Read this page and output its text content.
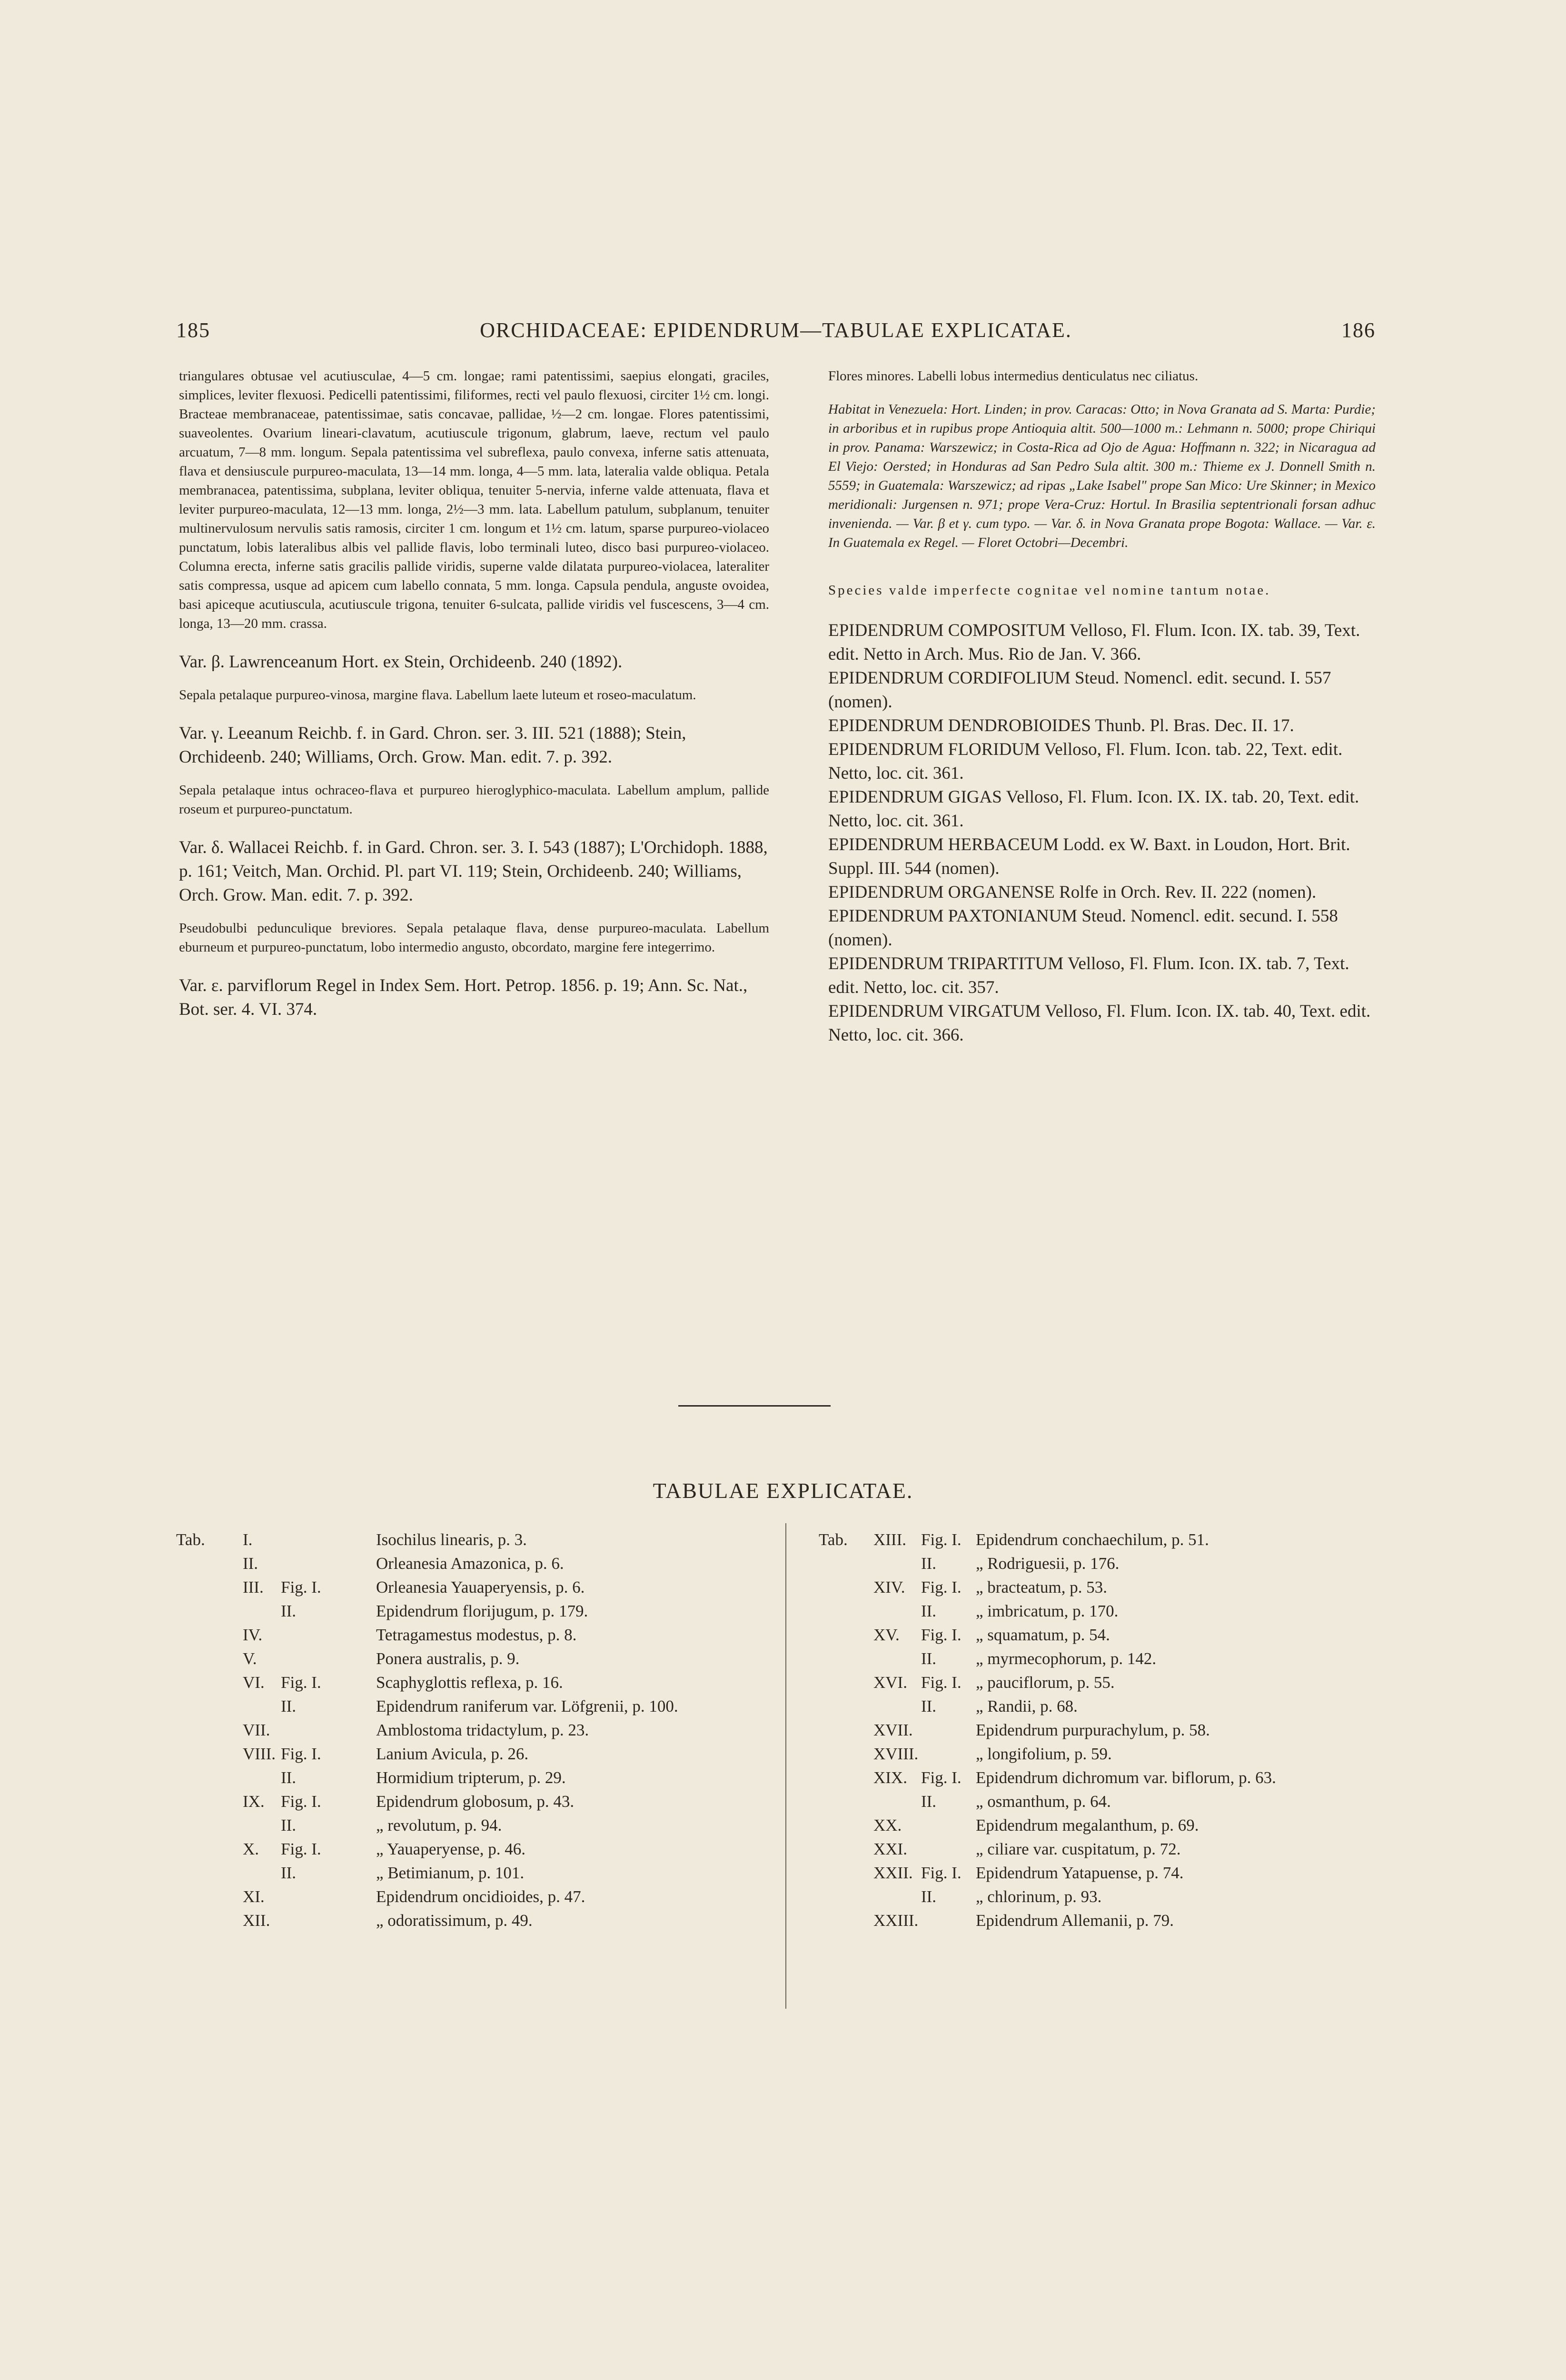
185	ORCHIDACEAE: EPIDENDRUM—TABULAE EXPLICATAE.	186

triangulares obtusae vel acutiusculae, 4—5 cm. longae; rami patentissimi, saepius elongati, graciles, simplices, leviter flexuosi. Pedicelli patentissimi, filiformes, recti vel paulo flexuosi, circiter 1½ cm. longi. Bracteae membranaceae, patentissimae, satis concavae, pallidae, ½—2 cm. longae. Flores patentissimi, suaveolentes. Ovarium lineari-clavatum, acutiuscule trigonum, glabrum, laeve, rectum vel paulo arcuatum, 7—8 mm. longum. Sepala patentissima vel subreflexa, paulo convexa, inferne satis attenuata, flava et densiuscule purpureo-maculata, 13—14 mm. longa, 4—5 mm. lata, lateralia valde obliqua. Petala membranacea, patentissima, subplana, leviter obliqua, tenuiter 5-nervia, inferne valde attenuata, flava et leviter purpureo-maculata, 12—13 mm. longa, 2½—3 mm. lata. Labellum patulum, subplanum, tenuiter multinervulosum nervulis satis ramosis, circiter 1 cm. longum et 1½ cm. latum, sparse purpureo-violaceo punctatum, lobis lateralibus albis vel pallide flavis, lobo terminali luteo, disco basi purpureo-violaceo. Columna erecta, inferne satis gracilis pallide viridis, superne valde dilatata purpureo-violacea, lateraliter satis compressa, usque ad apicem cum labello connata, 5 mm. longa. Capsula pendula, anguste ovoidea, basi apiceque acutiuscula, acutiuscule trigona, tenuiter 6-sulcata, pallide viridis vel fuscescens, 3—4 cm. longa, 13—20 mm. crassa.

Var. β. Lawrenceanum Hort. ex Stein, Orchideenb. 240 (1892).

Sepala petalaque purpureo-vinosa, margine flava. Labellum laete luteum et roseo-maculatum.

Var. γ. Leeanum Reichb. f. in Gard. Chron. ser. 3. III. 521 (1888); Stein, Orchideenb. 240; Williams, Orch. Grow. Man. edit. 7. p. 392.

Sepala petalaque intus ochraceo-flava et purpureo hieroglyphico-maculata. Labellum amplum, pallide roseum et purpureo-punctatum.

Var. δ. Wallacei Reichb. f. in Gard. Chron. ser. 3. I. 543 (1887); L'Orchidoph. 1888, p. 161; Veitch, Man. Orchid. Pl. part VI. 119; Stein, Orchideenb. 240; Williams, Orch. Grow. Man. edit. 7. p. 392.

Pseudobulbi pedunculique breviores. Sepala petalaque flava, dense purpureo-maculata. Labellum eburneum et purpureo-punctatum, lobo intermedio angusto, obcordato, margine fere integerrimo.

Var. ε. parviflorum Regel in Index Sem. Hort. Petrop. 1856. p. 19; Ann. Sc. Nat., Bot. ser. 4. VI. 374.

Flores minores. Labelli lobus intermedius denticulatus nec ciliatus.

Habitat in Venezuela: Hort. Linden; in prov. Caracas: Otto; in Nova Granata ad S. Marta: Purdie; in arboribus et in rupibus prope Antioquia altit. 500—1000 m.: Lehmann n. 5000; prope Chiriqui in prov. Panama: Warszewicz; in Costa-Rica ad Ojo de Agua: Hoffmann n. 322; in Nicaragua ad El Viejo: Oersted; in Honduras ad San Pedro Sula altit. 300 m.: Thieme ex J. Donnell Smith n. 5559; in Guatemala: Warszewicz; ad ripas „Lake Isabel" prope San Mico: Ure Skinner; in Mexico meridionali: Jurgensen n. 971; prope Vera-Cruz: Hortul. In Brasilia septentrionali forsan adhuc invenienda. — Var. β et γ. cum typo. — Var. δ. in Nova Granata prope Bogota: Wallace. — Var. ε. In Guatemala ex Regel. — Floret Octobri—Decembri.

Species valde imperfecte cognitae vel nomine tantum notae.

EPIDENDRUM COMPOSITUM Velloso, Fl. Flum. Icon. IX. tab. 39, Text. edit. Netto in Arch. Mus. Rio de Jan. V. 366.

EPIDENDRUM CORDIFOLIUM Steud. Nomencl. edit. secund. I. 557 (nomen).

EPIDENDRUM DENDROBIOIDES Thunb. Pl. Bras. Dec. II. 17.

EPIDENDRUM FLORIDUM Velloso, Fl. Flum. Icon. tab. 22, Text. edit. Netto, loc. cit. 361.

EPIDENDRUM GIGAS Velloso, Fl. Flum. Icon. IX. IX. tab. 20, Text. edit. Netto, loc. cit. 361.

EPIDENDRUM HERBACEUM Lodd. ex W. Baxt. in Loudon, Hort. Brit. Suppl. III. 544 (nomen).

EPIDENDRUM ORGANENSE Rolfe in Orch. Rev. II. 222 (nomen).

EPIDENDRUM PAXTONIANUM Steud. Nomencl. edit. secund. I. 558 (nomen).

EPIDENDRUM TRIPARTITUM Velloso, Fl. Flum. Icon. IX. tab. 7, Text. edit. Netto, loc. cit. 357.

EPIDENDRUM VIRGATUM Velloso, Fl. Flum. Icon. IX. tab. 40, Text. edit. Netto, loc. cit. 366.

TABULAE EXPLICATAE.
Tab. I.	Isochilus linearis, p. 3.
II.	Orleanesia Amazonica, p. 6.
III. Fig. I.	Orleanesia Yauaperyensis, p. 6.
II.	Epidendrum florijugum, p. 179.
IV.	Tetragamestus modestus, p. 8.
V.	Ponera australis, p. 9.
VI. Fig. I.	Scaphyglottis reflexa, p. 16.
II.	Epidendrum raniferum var. Löfgrenii, p. 100.
VII.	Amblostoma tridactylum, p. 23.
VIII. Fig. I.	Lanium Avicula, p. 26.
II.	Hormidium tripterum, p. 29.
IX. Fig. I.	Epidendrum globosum, p. 43.
II.	„ revolutum, p. 94.
X. Fig. I.	„ Yauaperyense, p. 46.
II.	„ Betimianum, p. 101.
XI.	Epidendrum oncidioides, p. 47.
XII.	„ odoratissimum, p. 49.
Tab. XIII. Fig. I. Epidendrum conchaechilum, p. 51.
II. „ Rodriguesii, p. 176.
XIV. Fig. I. „ bracteatum, p. 53.
II. „ imbricatum, p. 170.
XV. Fig. I. „ squamatum, p. 54.
II. „ myrmecophorum, p. 142.
XVI. Fig. I. „ pauciflorum, p. 55.
II. „ Randii, p. 68.
XVII.	Epidendrum purpurachylum, p. 58.
XVIII.	„ longifolium, p. 59.
XIX. Fig. I. Epidendrum dichromum var. biflorum, p. 63.
II. „ osmanthum, p. 64.
XX.	Epidendrum megalanthum, p. 69.
XXI.	„ ciliare var. cuspitatum, p. 72.
XXII. Fig. I. Epidendrum Yatapuense, p. 74.
II. „ chlorinum, p. 93.
XXIII.	Epidendrum Allemanii, p. 79.
